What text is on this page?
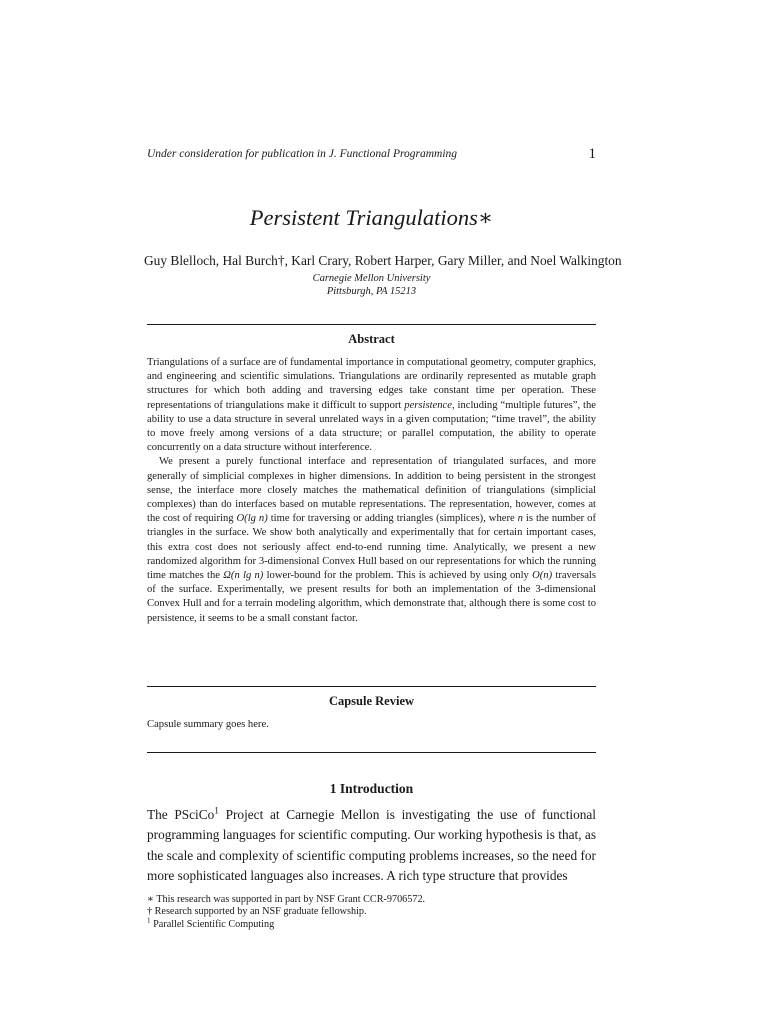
Under consideration for publication in J. Functional Programming	1
Persistent Triangulations∗
Guy Blelloch, Hal Burch†, Karl Crary, Robert Harper, Gary Miller, and Noel Walkington
Carnegie Mellon University
Pittsburgh, PA 15213
Abstract

Triangulations of a surface are of fundamental importance in computational geometry, computer graphics, and engineering and scientific simulations. Triangulations are ordinarily represented as mutable graph structures for which both adding and traversing edges take constant time per operation. These representations of triangulations make it difficult to support persistence, including “multiple futures”, the ability to use a data structure in several unrelated ways in a given computation; “time travel”, the ability to move freely among versions of a data structure; or parallel computation, the ability to operate concurrently on a data structure without interference.

We present a purely functional interface and representation of triangulated surfaces, and more generally of simplicial complexes in higher dimensions. In addition to being persistent in the strongest sense, the interface more closely matches the mathematical definition of triangulations (simplicial complexes) than do interfaces based on mutable representations. The representation, however, comes at the cost of requiring O(lg n) time for traversing or adding triangles (simplices), where n is the number of triangles in the surface. We show both analytically and experimentally that for certain important cases, this extra cost does not seriously affect end-to-end running time. Analytically, we present a new randomized algorithm for 3-dimensional Convex Hull based on our representations for which the running time matches the Ω(n lg n) lower-bound for the problem. This is achieved by using only O(n) traversals of the surface. Experimentally, we present results for both an implementation of the 3-dimensional Convex Hull and for a terrain modeling algorithm, which demonstrate that, although there is some cost to persistence, it seems to be a small constant factor.

Capsule Review
Capsule summary goes here.
1 Introduction

The PSciCo$^1$ Project at Carnegie Mellon is investigating the use of functional programming languages for scientific computing. Our working hypothesis is that, as the scale and complexity of scientific computing problems increases, so the need for more sophisticated languages also increases. A rich type structure that provides

∗ This research was supported in part by NSF Grant CCR-9706572.
† Research supported by an NSF graduate fellowship.
$^1$ Parallel Scientific Computing
